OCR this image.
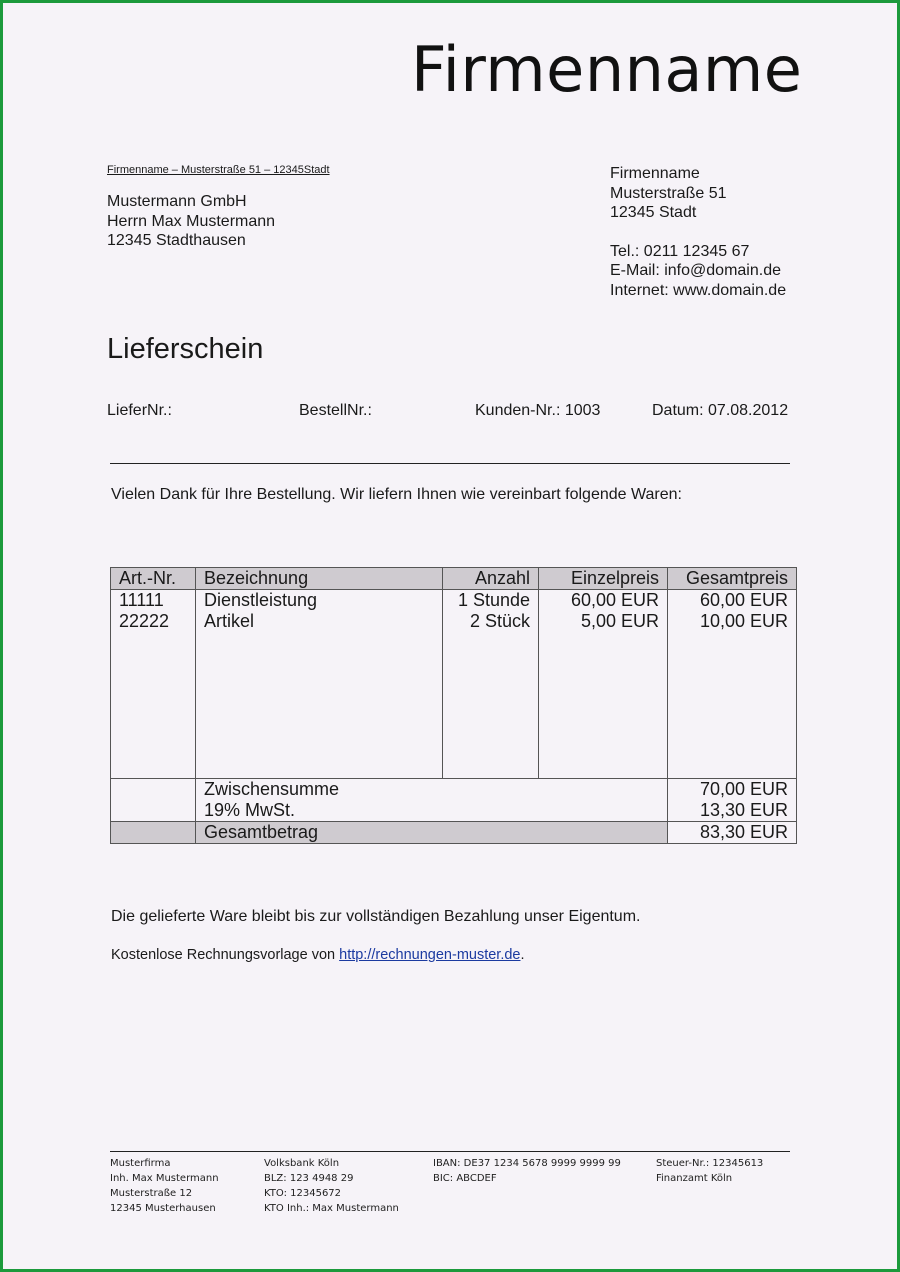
Firmenname
Firmenname – Musterstraße 51 – 12345Stadt
Mustermann GmbH
Herrn Max Mustermann
12345 Stadthausen
Firmenname
Musterstraße 51
12345 Stadt
Tel.: 0211 12345 67
E-Mail: info@domain.de
Internet: www.domain.de
Lieferschein
LieferNr.:	BestellNr.:	Kunden-Nr.: 1003	Datum: 07.08.2012
Vielen Dank für Ihre Bestellung. Wir liefern Ihnen wie vereinbart folgende Waren:
Art.-Nr.	Bezeichnung	Anzahl	Einzelpreis	Gesamtpreis
11111	Dienstleistung	1 Stunde	60,00 EUR	60,00 EUR
22222	Artikel	2 Stück	5,00 EUR	10,00 EUR

	Zwischensumme			70,00 EUR
	19% MwSt.			13,30 EUR
	Gesamtbetrag			83,30 EUR
Die gelieferte Ware bleibt bis zur vollständigen Bezahlung unser Eigentum.
Kostenlose Rechnungsvorlage von http://rechnungen-muster.de.
Musterfirma
Inh. Max Mustermann
Musterstraße 12
12345 Musterhausen
Volksbank Köln
BLZ: 123 4948 29
KTO: 12345672
KTO Inh.: Max Mustermann
IBAN: DE37 1234 5678 9999 9999 99
BIC: ABCDEF
Steuer-Nr.: 12345613
Finanzamt Köln
